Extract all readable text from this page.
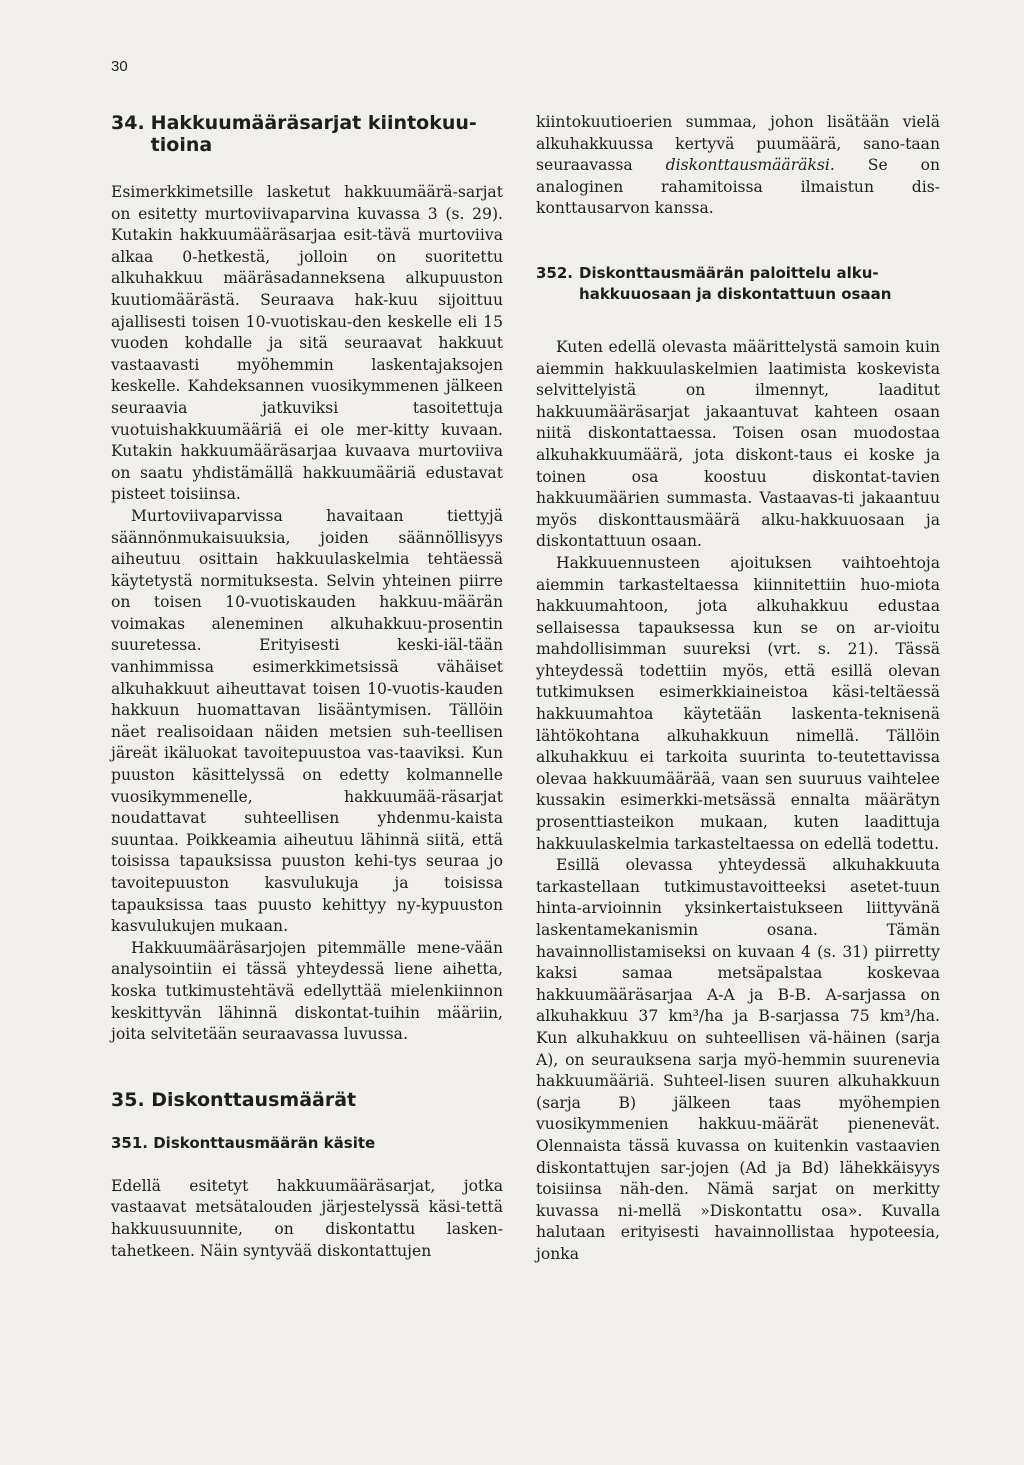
30
34. Hakkuumääräsarjat kiintokuu-tioina

Esimerkkimetsille lasketut hakkuumäärä-sarjat on esitetty murtoviivaparvina kuvassa 3 (s. 29). Kutakin hakkuumääräsarjaa esit-tävä murtoviiva alkaa 0-hetkestä, jolloin on suoritettu alkuhakkuu määräsadanneksena alkupuuston kuutiomäärästä. Seuraava hak-kuu sijoittuu ajallisesti toisen 10-vuotiskau-den keskelle eli 15 vuoden kohdalle ja sitä seuraavat hakkuut vastaavasti myöhemmin laskentajaksojen keskelle. Kahdeksannen vuosikymmenen jälkeen seuraavia jatkuviksi tasoitettuja vuotuishakkuumääriä ei ole mer-kitty kuvaan. Kutakin hakkuumääräsarjaa kuvaava murtoviiva on saatu yhdistämällä hakkuumääriä edustavat pisteet toisiinsa.

Murtoviivaparvissa havaitaan tiettyjä säännönmukaisuuksia, joiden säännöllisyys aiheutuu osittain hakkuulaskelmia tehtäessä käytetystä normituksesta. Selvin yhteinen piirre on toisen 10-vuotiskauden hakkuu-määrän voimakas aleneminen alkuhakkuu-prosentin suuretessa. Erityisesti keski-iäl-tään vanhimmissa esimerkkimetsissä vähäiset alkuhakkuut aiheuttavat toisen 10-vuotis-kauden hakkuun huomattavan lisääntymisen. Tällöin näet realisoidaan näiden metsien suh-teellisen järeät ikäluokat tavoitepuustoa vas-taaviksi. Kun puuston käsittelyssä on edetty kolmannelle vuosikymmenelle, hakkuumää-räsarjat noudattavat suhteellisen yhdenmu-kaista suuntaa. Poikkeamia aiheutuu lähinnä siitä, että toisissa tapauksissa puuston kehi-tys seuraa jo tavoitepuuston kasvulukuja ja toisissa tapauksissa taas puusto kehittyy ny-kypuuston kasvulukujen mukaan.

Hakkuumääräsarjojen pitemmälle mene-vään analysointiin ei tässä yhteydessä liene aihetta, koska tutkimustehtävä edellyttää mielenkiinnon keskittyvän lähinnä diskontat-tuihin määriin, joita selvitetään seuraavassa luvussa.

35. Diskonttausmäärät
351. Diskonttausmäärän käsite

Edellä esitetyt hakkuumääräsarjat, jotka vastaavat metsätalouden järjestelyssä käsi-tettä hakkuusuunnite, on diskontattu lasken-tahetkeen. Näin syntyvää diskontattujen

kiintokuutioerien summaa, johon lisätään vielä alkuhakkuussa kertyvä puumäärä, sano-taan seuraavassa diskonttausmääräksi. Se on analoginen rahamitoissa ilmaistun dis-konttausarvon kanssa.

352. Diskonttausmäärän paloittelu alku-hakkuuosaan ja diskontattuun osaan

Kuten edellä olevasta määrittelystä samoin kuin aiemmin hakkuulaskelmien laatimista koskevista selvittelyistä on ilmennyt, laaditut hakkuumääräsarjat jakaantuvat kahteen osaan niitä diskontattaessa. Toisen osan muodostaa alkuhakkuumäärä, jota diskont-taus ei koske ja toinen osa koostuu diskontat-tavien hakkuumäärien summasta. Vastaavas-ti jakaantuu myös diskonttausmäärä alku-hakkuuosaan ja diskontattuun osaan.

Hakkuuennusteen ajoituksen vaihtoehtoja aiemmin tarkasteltaessa kiinnitettiin huo-miota hakkuumahtoon, jota alkuhakkuu edustaa sellaisessa tapauksessa kun se on ar-vioitu mahdollisimman suureksi (vrt. s. 21). Tässä yhteydessä todettiin myös, että esillä olevan tutkimuksen esimerkkiaineistoa käsi-teltäessä hakkuumahtoa käytetään laskenta-teknisenä lähtökohtana alkuhakkuun nimellä. Tällöin alkuhakkuu ei tarkoita suurinta to-teutettavissa olevaa hakkuumäärää, vaan sen suuruus vaihtelee kussakin esimerkki-metsässä ennalta määrätyn prosenttiasteikon mukaan, kuten laadittuja hakkuulaskelmia tarkasteltaessa on edellä todettu.

Esillä olevassa yhteydessä alkuhakkuuta tarkastellaan tutkimustavoitteeksi asetet-tuun hinta-arvioinnin yksinkertaistukseen liittyvänä laskentamekanismin osana. Tämän havainnollistamiseksi on kuvaan 4 (s. 31) piirretty kaksi samaa metsäpalstaa koskevaa hakkuumääräsarjaa A-A ja B-B. A-sarjassa on alkuhakkuu 37 km³/ha ja B-sarjassa 75 km³/ha. Kun alkuhakkuu on suhteellisen vä-häinen (sarja A), on seurauksena sarja myö-hemmin suurenevia hakkuumääriä. Suhteel-lisen suuren alkuhakkuun (sarja B) jälkeen taas myöhempien vuosikymmenien hakkuu-määrät pienenevät. Olennaista tässä kuvassa on kuitenkin vastaavien diskontattujen sar-jojen (Ad ja Bd) lähekkäisyys toisiinsa näh-den. Nämä sarjat on merkitty kuvassa ni-mellä »Diskontattu osa». Kuvalla halutaan erityisesti havainnollistaa hypoteesia, jonka
